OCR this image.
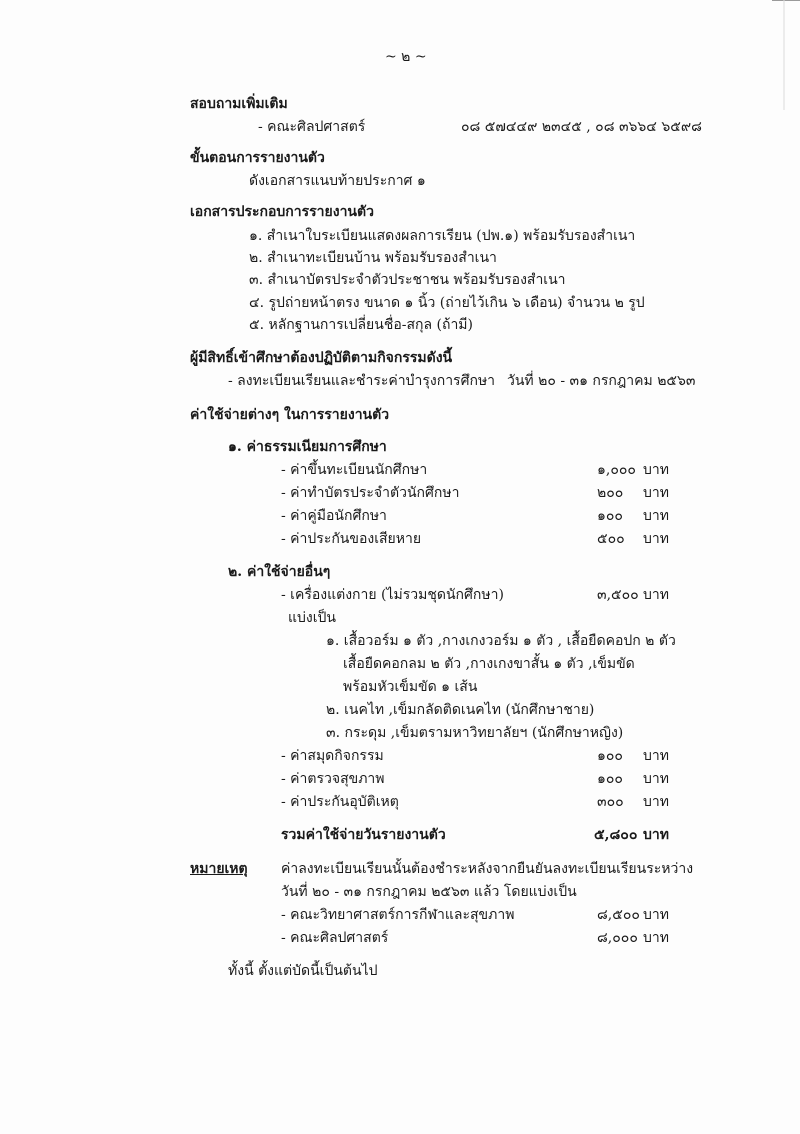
~ ๒ ~
สอบถามเพิ่มเติม
- คณะศิลปศาสตร์	๐๘ ๕๗๔๔๙ ๒๓๔๕ , ๐๘ ๓๖๖๔ ๖๕๙๘
ขั้นตอนการรายงานตัว
ดังเอกสารแนบท้ายประกาศ ๑
เอกสารประกอบการรายงานตัว
๑. สำเนาใบระเบียนแสดงผลการเรียน (ปพ.๑) พร้อมรับรองสำเนา
๒. สำเนาทะเบียนบ้าน พร้อมรับรองสำเนา
๓. สำเนาบัตรประจำตัวประชาชน พร้อมรับรองสำเนา
๔. รูปถ่ายหน้าตรง ขนาด ๑ นิ้ว (ถ่ายไว้เกิน ๖ เดือน) จำนวน ๒ รูป
๕. หลักฐานการเปลี่ยนชื่อ-สกุล (ถ้ามี)
ผู้มีสิทธิ์เข้าศึกษาต้องปฏิบัติตามกิจกรรมดังนี้
- ลงทะเบียนเรียนและชำระค่าบำรุงการศึกษา วันที่ ๒๐ - ๓๑ กรกฎาคม ๒๕๖๓
ค่าใช้จ่ายต่างๆ ในการรายงานตัว
๑. ค่าธรรมเนียมการศึกษา
- ค่าขึ้นทะเบียนนักศึกษา	๑,๐๐๐ บาท
- ค่าทำบัตรประจำตัวนักศึกษา	๒๐๐ บาท
- ค่าคู่มือนักศึกษา	๑๐๐ บาท
- ค่าประกันของเสียหาย	๕๐๐ บาท
๒. ค่าใช้จ่ายอื่นๆ
- เครื่องแต่งกาย (ไม่รวมชุดนักศึกษา)	๓,๕๐๐ บาท
แบ่งเป็น
๑. เสื้อวอร์ม ๑ ตัว ,กางเกงวอร์ม ๑ ตัว , เสื้อยืดคอปก ๒ ตัว
เสื้อยืดคอกลม ๒ ตัว ,กางเกงขาสั้น ๑ ตัว ,เข็มขัด
พร้อมหัวเข็มขัด ๑ เส้น
๒. เนคไท ,เข็มกลัดติดเนคไท (นักศึกษาชาย)
๓. กระดุม ,เข็มตรามหาวิทยาลัยฯ (นักศึกษาหญิง)
- ค่าสมุดกิจกรรม	๑๐๐ บาท
- ค่าตรวจสุขภาพ	๑๐๐ บาท
- ค่าประกันอุบัติเหตุ	๓๐๐ บาท
รวมค่าใช้จ่ายวันรายงานตัว	๕,๘๐๐ บาท
หมายเหตุ ค่าลงทะเบียนเรียนนั้นต้องชำระหลังจากยืนยันลงทะเบียนเรียนระหว่าง
วันที่ ๒๐ - ๓๑ กรกฎาคม ๒๕๖๓ แล้ว โดยแบ่งเป็น
- คณะวิทยาศาสตร์การกีฬาและสุขภาพ	๘,๕๐๐ บาท
- คณะศิลปศาสตร์	๘,๐๐๐ บาท
ทั้งนี้ ตั้งแต่บัดนี้เป็นต้นไป
